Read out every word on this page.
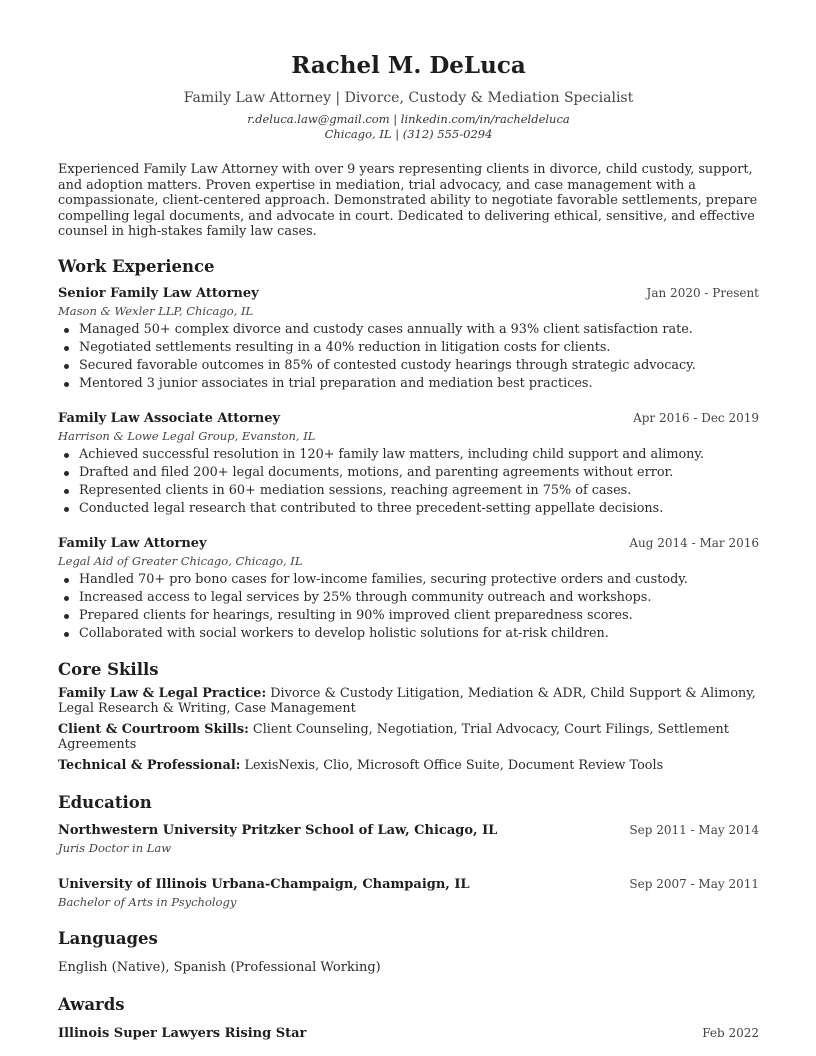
Rachel M. DeLuca
Family Law Attorney | Divorce, Custody & Mediation Specialist
r.deluca.law@gmail.com | linkedin.com/in/racheldeluca
Chicago, IL | (312) 555-0294
Experienced Family Law Attorney with over 9 years representing clients in divorce, child custody, support, and adoption matters. Proven expertise in mediation, trial advocacy, and case management with a compassionate, client-centered approach. Demonstrated ability to negotiate favorable settlements, prepare compelling legal documents, and advocate in court. Dedicated to delivering ethical, sensitive, and effective counsel in high-stakes family law cases.
Work Experience
Senior Family Law Attorney	Jan 2020 - Present
Mason & Wexler LLP, Chicago, IL
Managed 50+ complex divorce and custody cases annually with a 93% client satisfaction rate.
Negotiated settlements resulting in a 40% reduction in litigation costs for clients.
Secured favorable outcomes in 85% of contested custody hearings through strategic advocacy.
Mentored 3 junior associates in trial preparation and mediation best practices.
Family Law Associate Attorney	Apr 2016 - Dec 2019
Harrison & Lowe Legal Group, Evanston, IL
Achieved successful resolution in 120+ family law matters, including child support and alimony.
Drafted and filed 200+ legal documents, motions, and parenting agreements without error.
Represented clients in 60+ mediation sessions, reaching agreement in 75% of cases.
Conducted legal research that contributed to three precedent-setting appellate decisions.
Family Law Attorney	Aug 2014 - Mar 2016
Legal Aid of Greater Chicago, Chicago, IL
Handled 70+ pro bono cases for low-income families, securing protective orders and custody.
Increased access to legal services by 25% through community outreach and workshops.
Prepared clients for hearings, resulting in 90% improved client preparedness scores.
Collaborated with social workers to develop holistic solutions for at-risk children.
Core Skills
Family Law & Legal Practice: Divorce & Custody Litigation, Mediation & ADR, Child Support & Alimony, Legal Research & Writing, Case Management
Client & Courtroom Skills: Client Counseling, Negotiation, Trial Advocacy, Court Filings, Settlement Agreements
Technical & Professional: LexisNexis, Clio, Microsoft Office Suite, Document Review Tools
Education
Northwestern University Pritzker School of Law, Chicago, IL	Sep 2011 - May 2014
Juris Doctor in Law
University of Illinois Urbana-Champaign, Champaign, IL	Sep 2007 - May 2011
Bachelor of Arts in Psychology
Languages
English (Native), Spanish (Professional Working)
Awards
Illinois Super Lawyers Rising Star	Feb 2022
